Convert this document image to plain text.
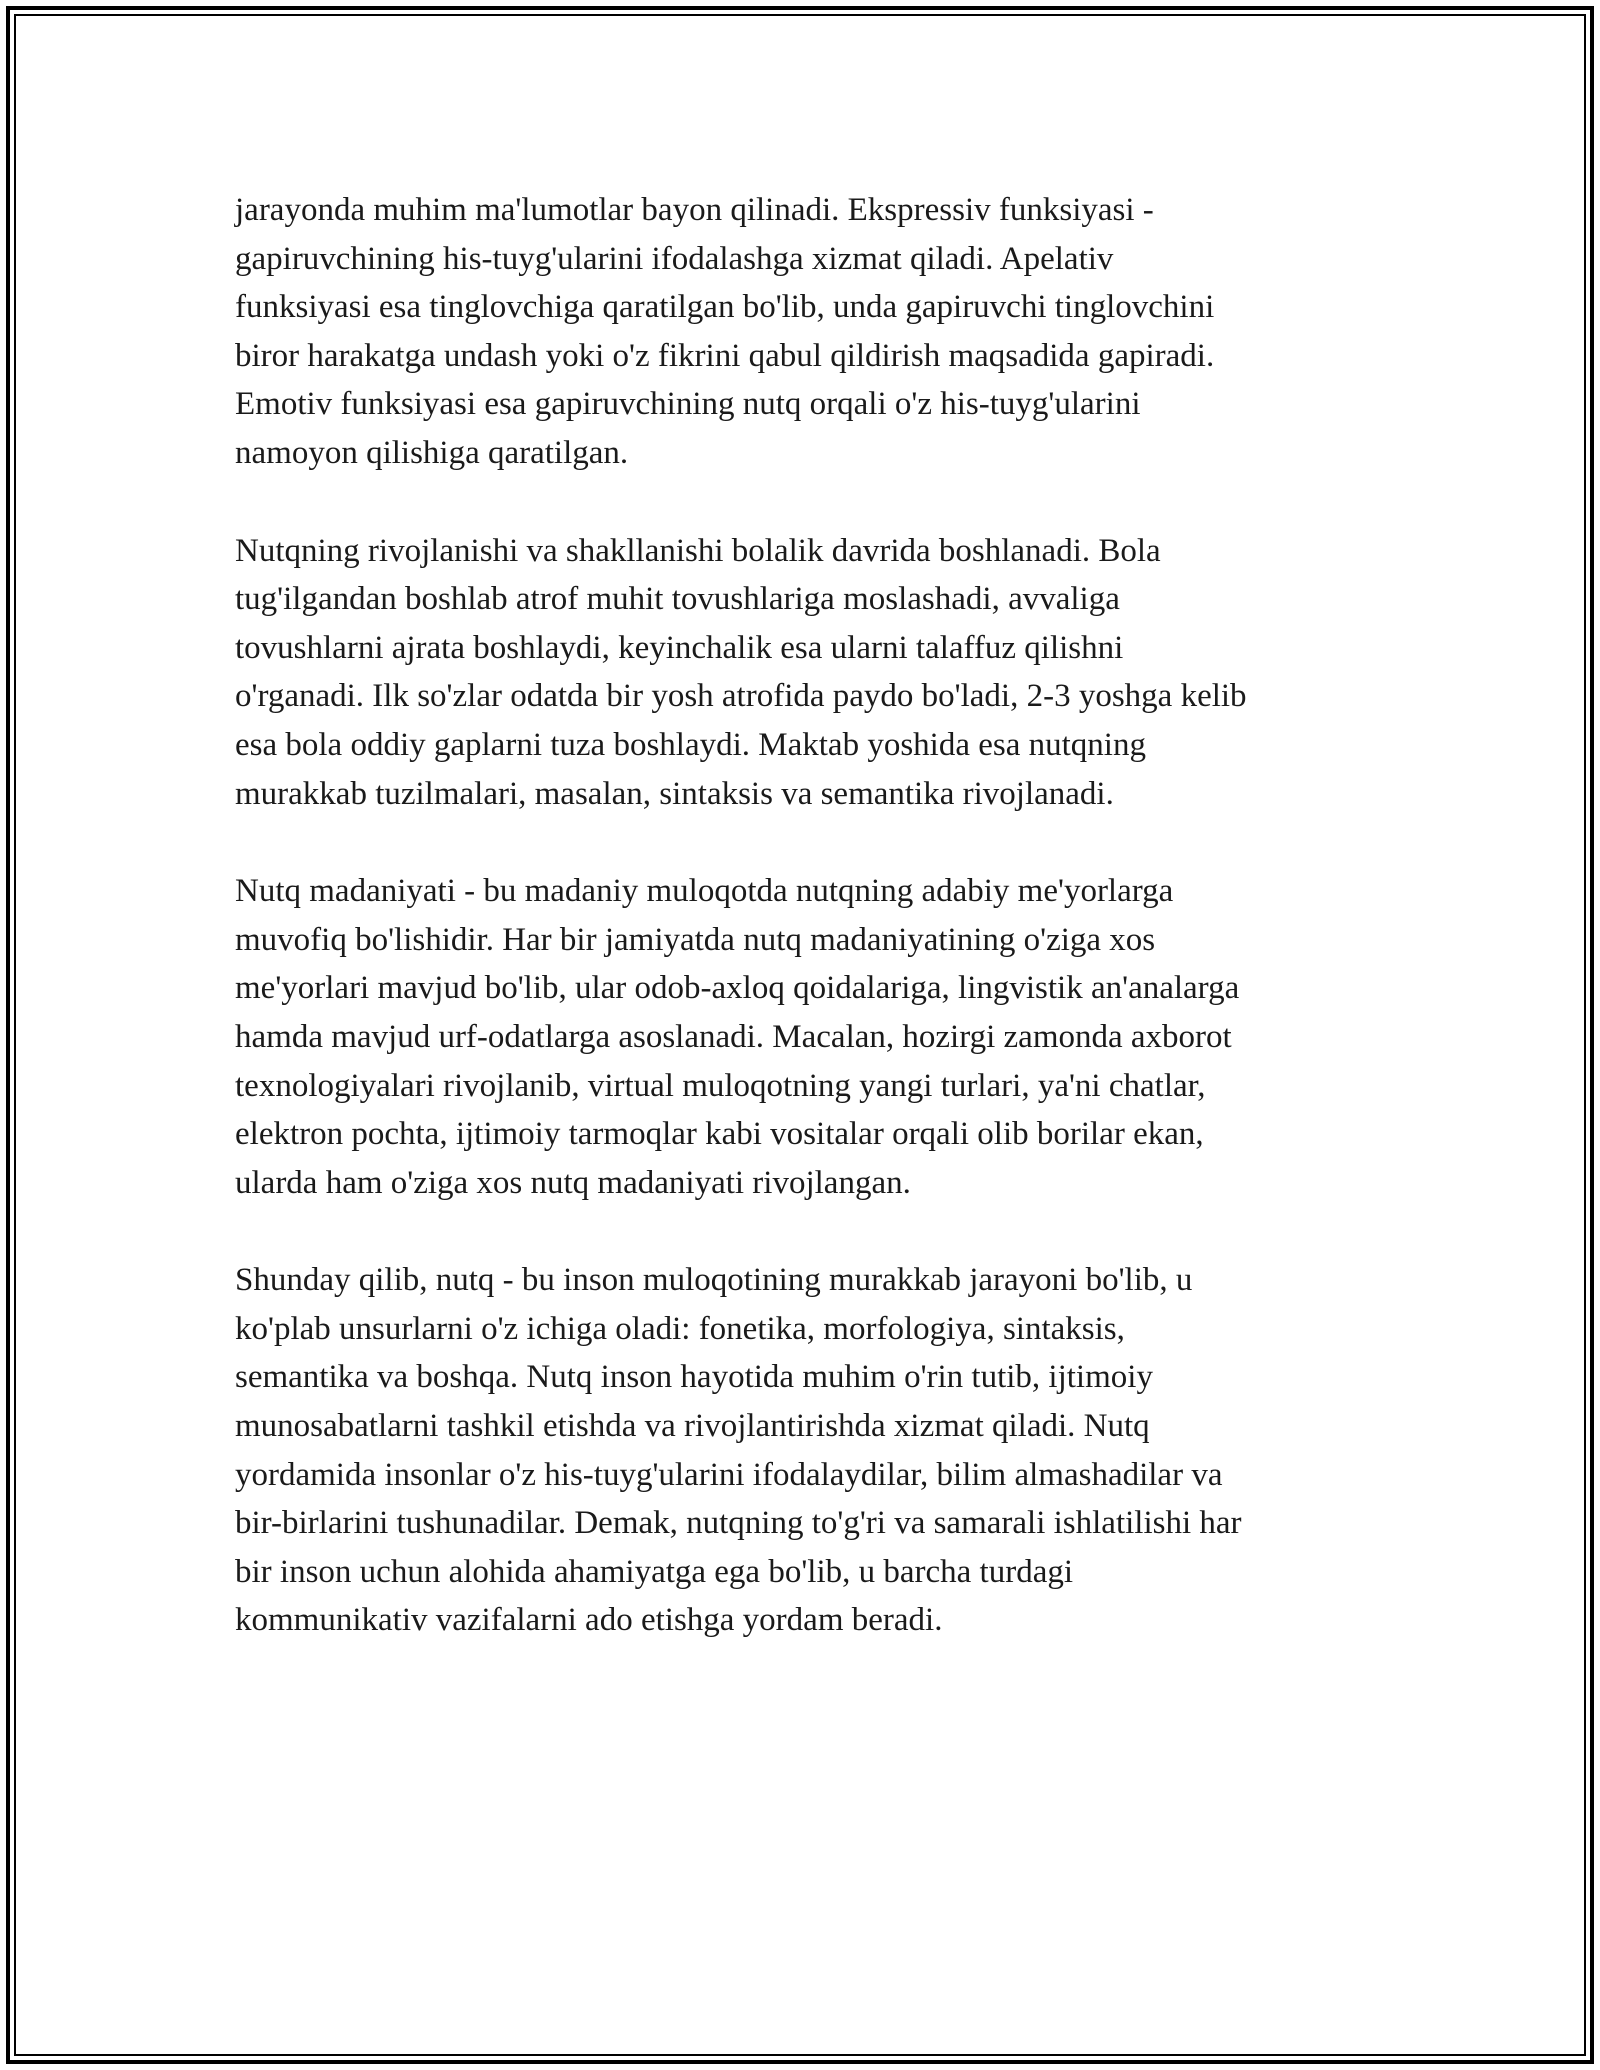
jarayonda muhim ma'lumotlar bayon qilinadi. Ekspressiv funksiyasi -
gapiruvchining his-tuyg'ularini ifodalashga xizmat qiladi. Apelativ
funksiyasi esa tinglovchiga qaratilgan bo'lib, unda gapiruvchi tinglovchini
biror harakatga undash yoki o'z fikrini qabul qildirish maqsadida gapiradi.
Emotiv funksiyasi esa gapiruvchining nutq orqali o'z his-tuyg'ularini
namoyon qilishiga qaratilgan.

Nutqning rivojlanishi va shakllanishi bolalik davrida boshlanadi. Bola
tug'ilgandan boshlab atrof muhit tovushlariga moslashadi, avvaliga
tovushlarni ajrata boshlaydi, keyinchalik esa ularni talaffuz qilishni
o'rganadi. Ilk so'zlar odatda bir yosh atrofida paydo bo'ladi, 2-3 yoshga kelib
esa bola oddiy gaplarni tuza boshlaydi. Maktab yoshida esa nutqning
murakkab tuzilmalari, masalan, sintaksis va semantika rivojlanadi.

Nutq madaniyati - bu madaniy muloqotda nutqning adabiy me'yorlarga
muvofiq bo'lishidir. Har bir jamiyatda nutq madaniyatining o'ziga xos
me'yorlari mavjud bo'lib, ular odob-axloq qoidalariga, lingvistik an'analarga
hamda mavjud urf-odatlarga asoslanadi. Macalan, hozirgi zamonda axborot
texnologiyalari rivojlanib, virtual muloqotning yangi turlari, ya'ni chatlar,
elektron pochta, ijtimoiy tarmoqlar kabi vositalar orqali olib borilar ekan,
ularda ham o'ziga xos nutq madaniyati rivojlangan.

Shunday qilib, nutq - bu inson muloqotining murakkab jarayoni bo'lib, u
ko'plab unsurlarni o'z ichiga oladi: fonetika, morfologiya, sintaksis,
semantika va boshqa. Nutq inson hayotida muhim o'rin tutib, ijtimoiy
munosabatlarni tashkil etishda va rivojlantirishda xizmat qiladi. Nutq
yordamida insonlar o'z his-tuyg'ularini ifodalaydilar, bilim almashadilar va
bir-birlarini tushunadilar. Demak, nutqning to'g'ri va samarali ishlatilishi har
bir inson uchun alohida ahamiyatga ega bo'lib, u barcha turdagi
kommunikativ vazifalarni ado etishga yordam beradi.
